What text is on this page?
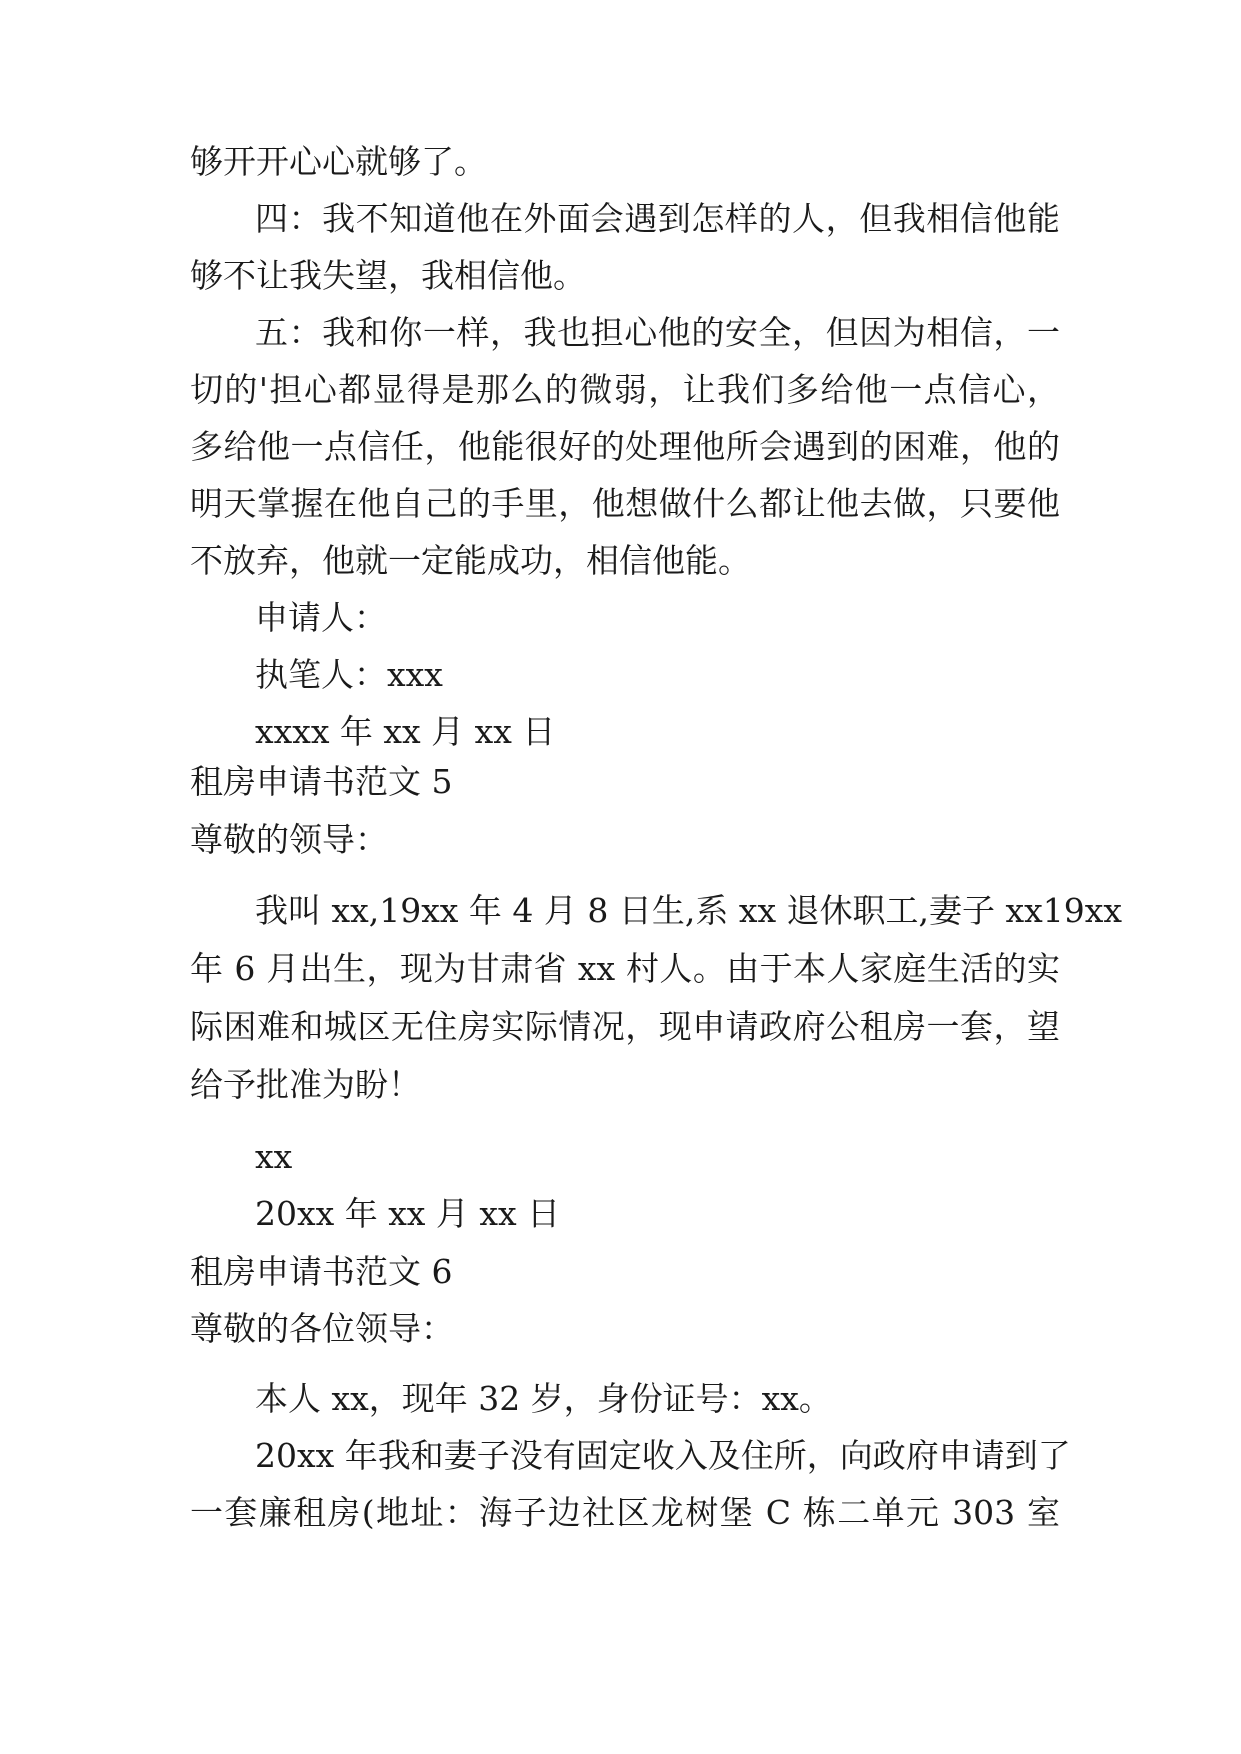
够开开心心就够了。
四：我不知道他在外面会遇到怎样的人，但我相信他能
够不让我失望，我相信他。
五：我和你一样，我也担心他的安全，但因为相信，一
切的'担心都显得是那么的微弱，让我们多给他一点信心，
多给他一点信任，他能很好的处理他所会遇到的困难，他的
明天掌握在他自己的手里，他想做什么都让他去做，只要他
不放弃，他就一定能成功，相信他能。
申请人：
执笔人：xxx
xxxx 年 xx 月 xx 日
租房申请书范文 5
尊敬的领导：
我叫 xx,19xx 年 4 月 8 日生,系 xx 退休职工,妻子 xx19xx
年 6 月出生，现为甘肃省 xx 村人。由于本人家庭生活的实
际困难和城区无住房实际情况，现申请政府公租房一套，望
给予批准为盼！
xx
20xx 年 xx 月 xx 日
租房申请书范文 6
尊敬的各位领导：
本人 xx，现年 32 岁，身份证号：xx。
20xx 年我和妻子没有固定收入及住所，向政府申请到了
一套廉租房(地址：海子边社区龙树堡 C 栋二单元 303 室
